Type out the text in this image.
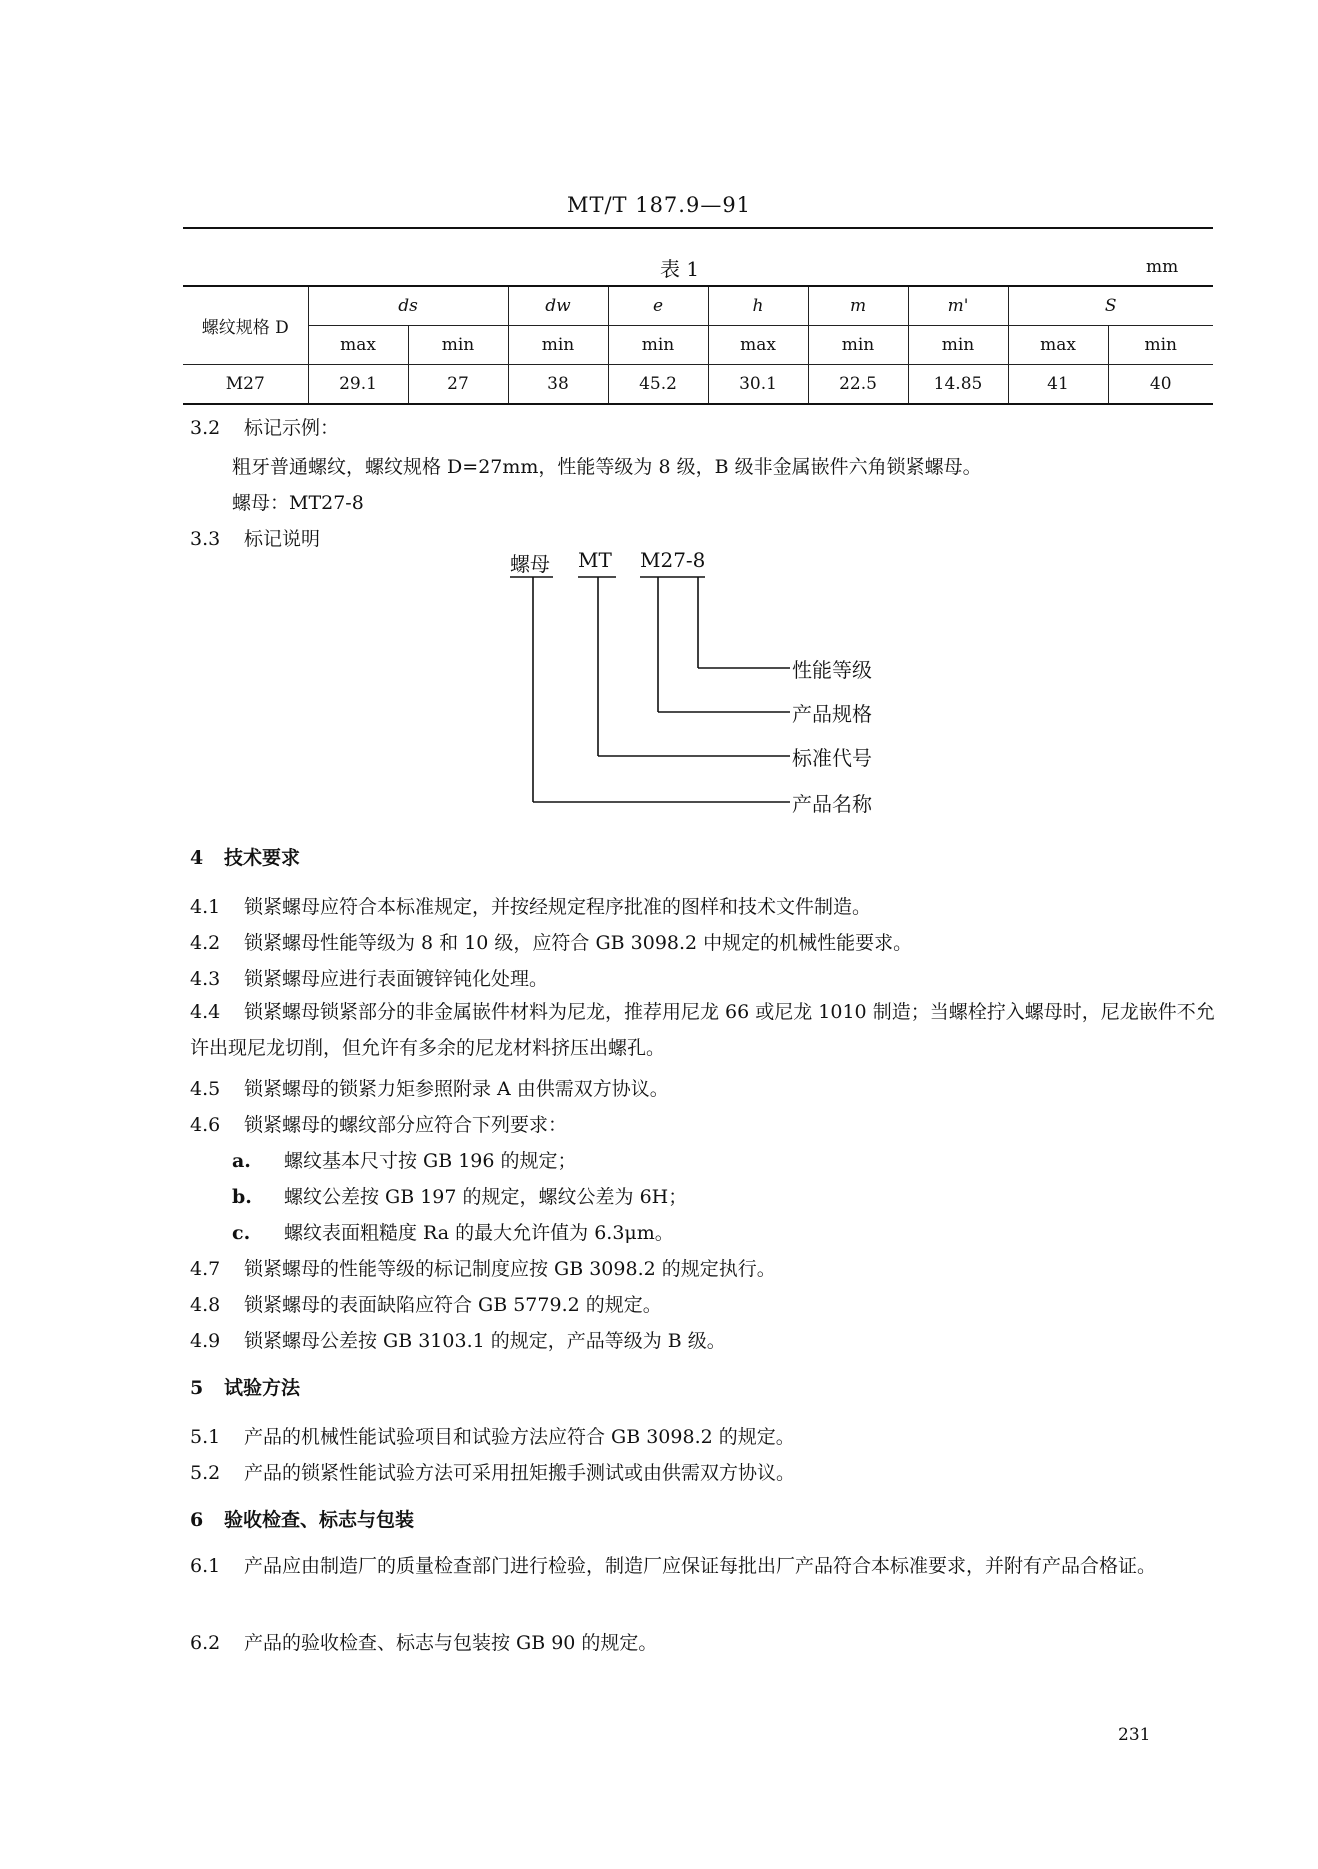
MT/T 187.9—91
表 1	mm
螺纹规格 D	ds		dw	e	h	m	m'	S	
	max	min	min	min	max	min	min	max	min
M27	29.1	27	38	45.2	30.1	22.5	14.85	41	40
3.2 标记示例：
粗牙普通螺纹，螺纹规格 D=27mm，性能等级为 8 级，B 级非金属嵌件六角锁紧螺母。
螺母：MT27-8
3.3 标记说明
螺母 MT M27-8
性能等级
产品规格
标准代号
产品名称
4 技术要求
4.1 锁紧螺母应符合本标准规定，并按经规定程序批准的图样和技术文件制造。
4.2 锁紧螺母性能等级为 8 和 10 级，应符合 GB 3098.2 中规定的机械性能要求。
4.3 锁紧螺母应进行表面镀锌钝化处理。
4.4 锁紧螺母锁紧部分的非金属嵌件材料为尼龙，推荐用尼龙 66 或尼龙 1010 制造；当螺栓拧入螺母时，尼龙嵌件不允许出现尼龙切削，但允许有多余的尼龙材料挤压出螺孔。
4.5 锁紧螺母的锁紧力矩参照附录 A 由供需双方协议。
4.6 锁紧螺母的螺纹部分应符合下列要求：
a. 螺纹基本尺寸按 GB 196 的规定；
b. 螺纹公差按 GB 197 的规定，螺纹公差为 6H；
c. 螺纹表面粗糙度 Ra 的最大允许值为 6.3μm。
4.7 锁紧螺母的性能等级的标记制度应按 GB 3098.2 的规定执行。
4.8 锁紧螺母的表面缺陷应符合 GB 5779.2 的规定。
4.9 锁紧螺母公差按 GB 3103.1 的规定，产品等级为 B 级。
5 试验方法
5.1 产品的机械性能试验项目和试验方法应符合 GB 3098.2 的规定。
5.2 产品的锁紧性能试验方法可采用扭矩搬手测试或由供需双方协议。
6 验收检查、标志与包装
6.1 产品应由制造厂的质量检查部门进行检验，制造厂应保证每批出厂产品符合本标准要求，并附有产品合格证。
6.2 产品的验收检查、标志与包装按 GB 90 的规定。
231
